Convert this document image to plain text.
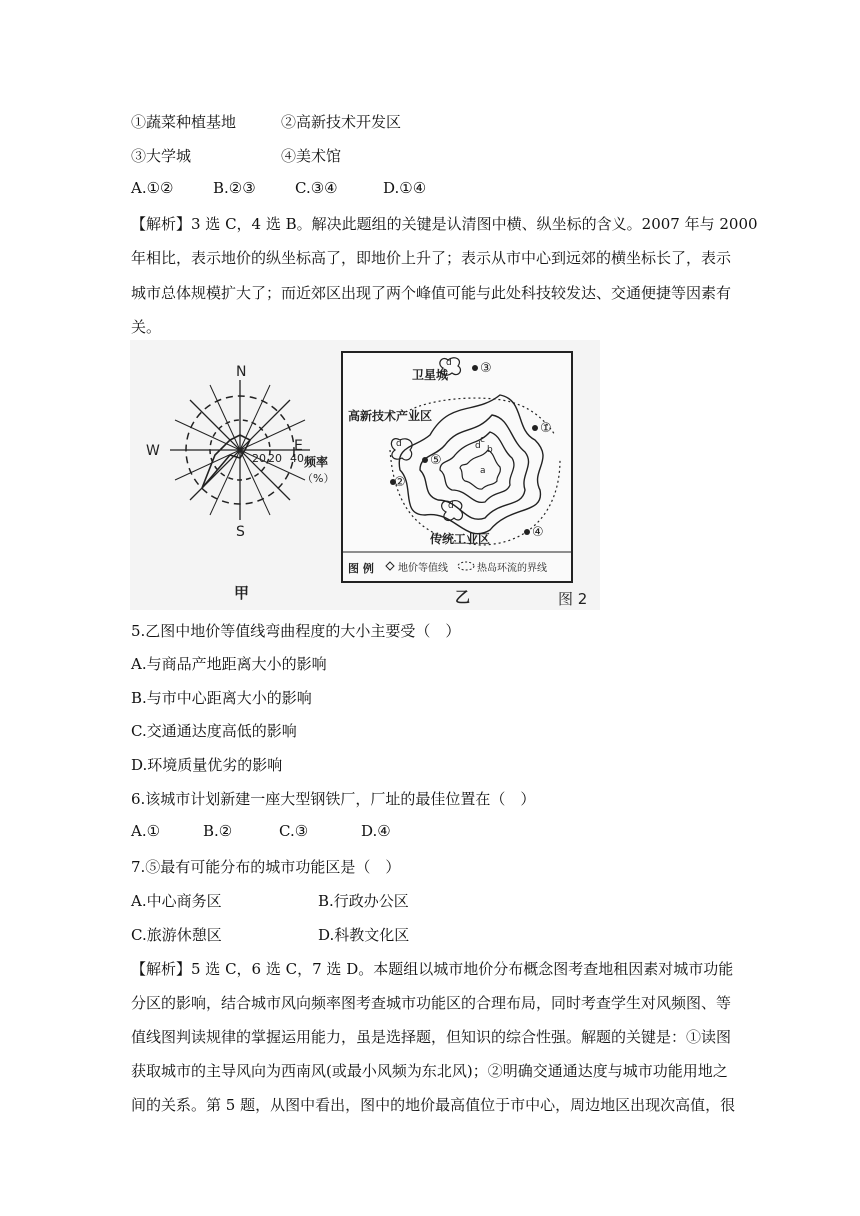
①蔬菜种植基地	②高新技术开发区
③大学城	④美术馆
A.①②	B.②③	C.③④	D.①④
【解析】3 选 C，4 选 B。解决此题组的关键是认清图中横、纵坐标的含义。2007 年与 2000
年相比，表示地价的纵坐标高了，即地价上升了；表示从市中心到远郊的横坐标长了，表示
城市总体规模扩大了；而近郊区出现了两个峰值可能与此处科技较发达、交通便捷等因素有
关。
N
S
E
W	20 20 40 频率
（%）
甲
卫星城
高新技术产业区
传统工业区
①
②
③
④
⑤
d
d
d
d
c
b
a
图 例 地价等值线	热岛环流的界线
乙	图 2
5.乙图中地价等值线弯曲程度的大小主要受（　）
A.与商品产地距离大小的影响
B.与市中心距离大小的影响
C.交通通达度高低的影响
D.环境质量优劣的影响
6.该城市计划新建一座大型钢铁厂，厂址的最佳位置在（　）
A.①	B.②	C.③	D.④
7.⑤最有可能分布的城市功能区是（　）
A.中心商务区	B.行政办公区
C.旅游休憩区	D.科教文化区
【解析】5 选 C，6 选 C，7 选 D。本题组以城市地价分布概念图考查地租因素对城市功能
分区的影响，结合城市风向频率图考查城市功能区的合理布局，同时考查学生对风频图、等
值线图判读规律的掌握运用能力，虽是选择题，但知识的综合性强。解题的关键是：①读图
获取城市的主导风向为西南风(或最小风频为东北风)；②明确交通通达度与城市功能用地之
间的关系。第 5 题，从图中看出，图中的地价最高值位于市中心，周边地区出现次高值，很
